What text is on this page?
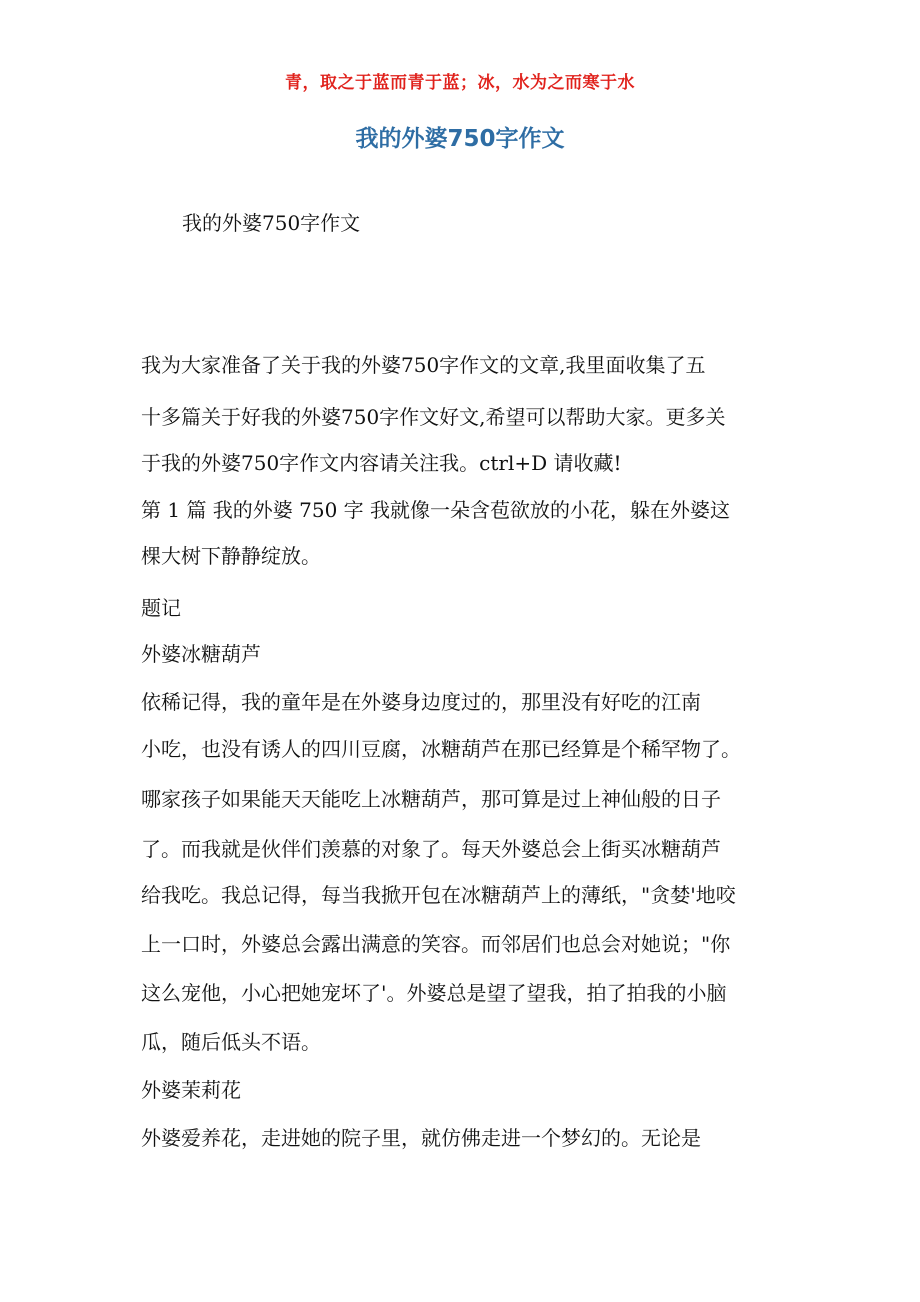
青，取之于蓝而青于蓝；冰，水为之而寒于水
我的外婆750字作文
我的外婆750字作文
我为大家准备了关于我的外婆750字作文的文章,我里面收集了五
十多篇关于好我的外婆750字作文好文,希望可以帮助大家。更多关
于我的外婆750字作文内容请关注我。ctrl+D 请收藏!
第 1 篇 我的外婆 750 字 我就像一朵含苞欲放的小花，躲在外婆这
棵大树下静静绽放。
题记
外婆冰糖葫芦
依稀记得，我的童年是在外婆身边度过的，那里没有好吃的江南
小吃，也没有诱人的四川豆腐，冰糖葫芦在那已经算是个稀罕物了。
哪家孩子如果能天天能吃上冰糖葫芦，那可算是过上神仙般的日子
了。而我就是伙伴们羡慕的对象了。每天外婆总会上街买冰糖葫芦
给我吃。我总记得，每当我掀开包在冰糖葫芦上的薄纸，"贪婪'地咬
上一口时，外婆总会露出满意的笑容。而邻居们也总会对她说；"你
这么宠他，小心把她宠坏了'。外婆总是望了望我，拍了拍我的小脑
瓜，随后低头不语。
外婆茉莉花
外婆爱养花，走进她的院子里，就仿佛走进一个梦幻的。无论是
